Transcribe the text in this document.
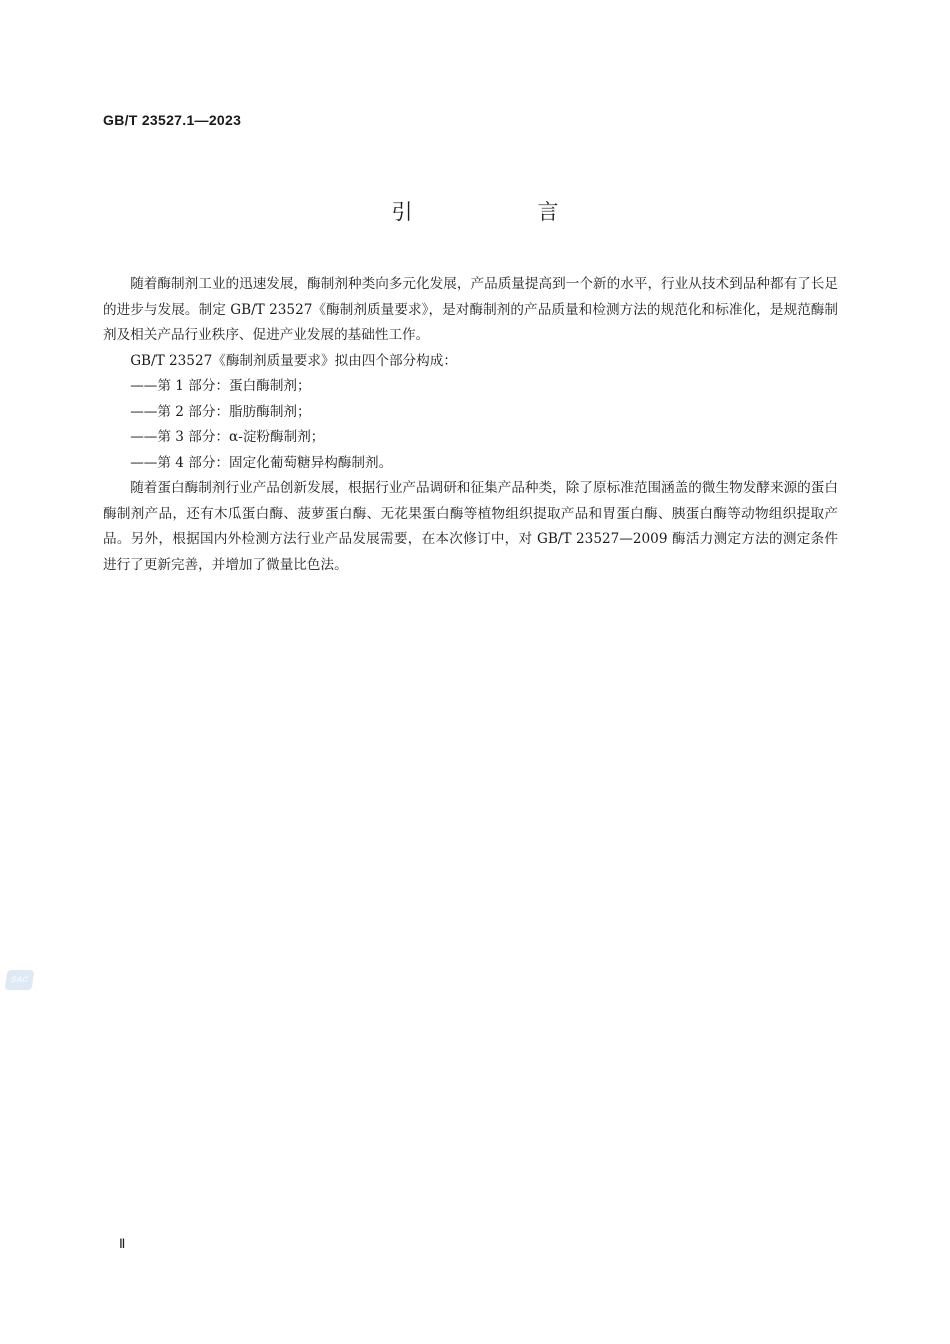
GB/T 23527.1—2023
引　言

随着酶制剂工业的迅速发展，酶制剂种类向多元化发展，产品质量提高到一个新的水平，行业从技术到品种都有了长足的进步与发展。制定 GB/T 23527《酶制剂质量要求》，是对酶制剂的产品质量和检测方法的规范化和标准化，是规范酶制剂及相关产品行业秩序、促进产业发展的基础性工作。

GB/T 23527《酶制剂质量要求》拟由四个部分构成：

——第 1 部分：蛋白酶制剂；
——第 2 部分：脂肪酶制剂；
——第 3 部分：α-淀粉酶制剂；
——第 4 部分：固定化葡萄糖异构酶制剂。

随着蛋白酶制剂行业产品创新发展，根据行业产品调研和征集产品种类，除了原标准范围涵盖的微生物发酵来源的蛋白酶制剂产品，还有木瓜蛋白酶、菠萝蛋白酶、无花果蛋白酶等植物组织提取产品和胃蛋白酶、胰蛋白酶等动物组织提取产品。另外，根据国内外检测方法行业产品发展需要，在本次修订中，对 GB/T 23527—2009 酶活力测定方法的测定条件进行了更新完善，并增加了微量比色法。

SAC
Ⅱ
